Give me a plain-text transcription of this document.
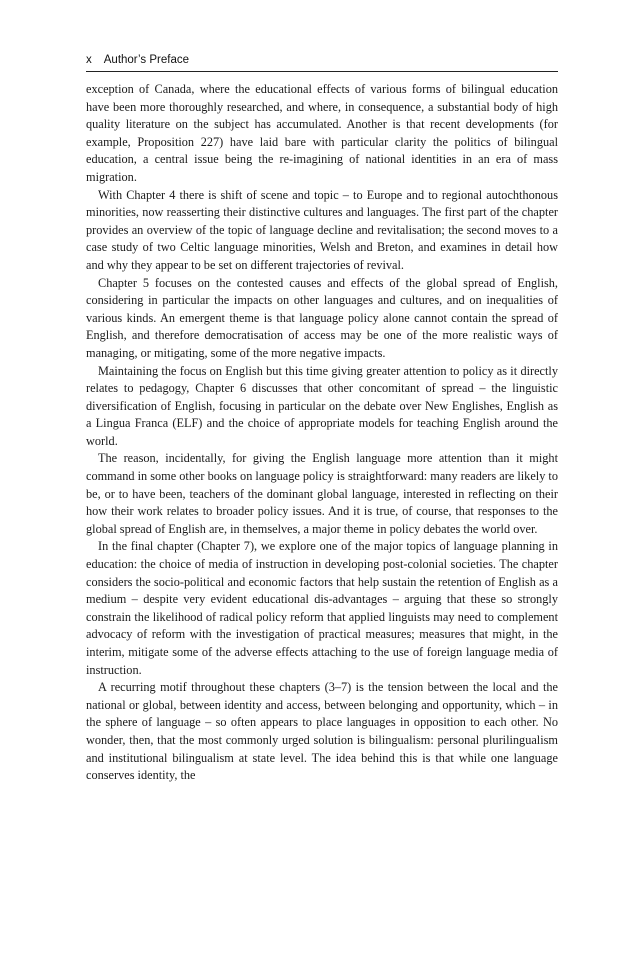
x Author’s Preface

exception of Canada, where the educational effects of various forms of bilingual education have been more thoroughly researched, and where, in consequence, a substantial body of high quality literature on the subject has accumulated. Another is that recent developments (for example, Proposition 227) have laid bare with particular clarity the politics of bilingual education, a central issue being the re-imagining of national identities in an era of mass migration.

With Chapter 4 there is shift of scene and topic – to Europe and to regional autochthonous minorities, now reasserting their distinctive cultures and languages. The first part of the chapter provides an overview of the topic of language decline and revitalisation; the second moves to a case study of two Celtic language minorities, Welsh and Breton, and examines in detail how and why they appear to be set on different trajectories of revival.

Chapter 5 focuses on the contested causes and effects of the global spread of English, considering in particular the impacts on other languages and cultures, and on inequalities of various kinds. An emergent theme is that language policy alone cannot contain the spread of English, and therefore democratisation of access may be one of the more realistic ways of managing, or mitigating, some of the more negative impacts.

Maintaining the focus on English but this time giving greater attention to policy as it directly relates to pedagogy, Chapter 6 discusses that other concomitant of spread – the linguistic diversification of English, focusing in particular on the debate over New Englishes, English as a Lingua Franca (ELF) and the choice of appropriate models for teaching English around the world.

The reason, incidentally, for giving the English language more attention than it might command in some other books on language policy is straightforward: many readers are likely to be, or to have been, teachers of the dominant global language, interested in reflecting on their how their work relates to broader policy issues. And it is true, of course, that responses to the global spread of English are, in themselves, a major theme in policy debates the world over.

In the final chapter (Chapter 7), we explore one of the major topics of language planning in education: the choice of media of instruction in developing post-colonial societies. The chapter considers the socio-political and economic factors that help sustain the retention of English as a medium – despite very evident educational dis-advantages – arguing that these so strongly constrain the likelihood of radical policy reform that applied linguists may need to complement advocacy of reform with the investigation of practical measures; measures that might, in the interim, mitigate some of the adverse effects attaching to the use of foreign language media of instruction.

A recurring motif throughout these chapters (3–7) is the tension between the local and the national or global, between identity and access, between belonging and opportunity, which – in the sphere of language – so often appears to place languages in opposition to each other. No wonder, then, that the most commonly urged solution is bilingualism: personal plurilingualism and institutional bilingualism at state level. The idea behind this is that while one language conserves identity, the
